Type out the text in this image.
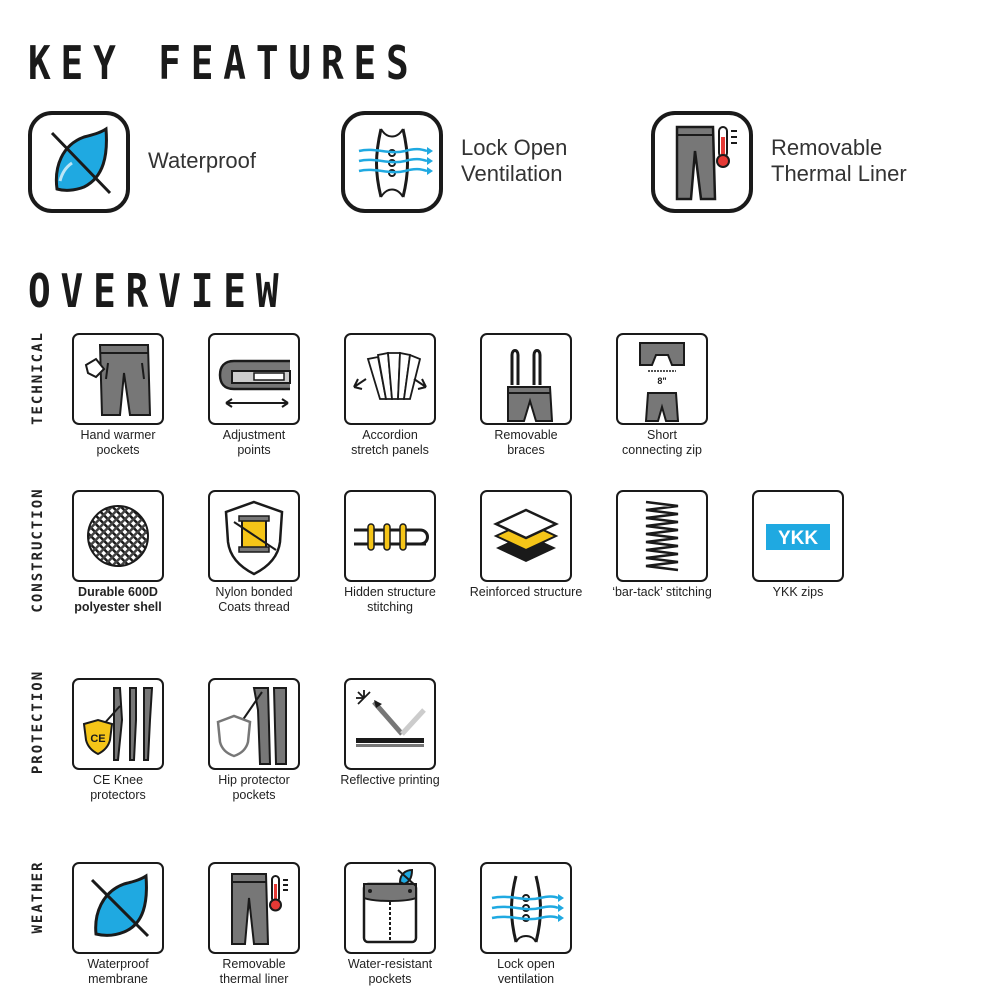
KEY FEATURES
Waterproof
Lock Open
Ventilation
Removable
Thermal Liner
OVERVIEW
TECHNICAL
Hand warmer
pockets
Adjustment
points
Accordion
stretch panels
Removable
braces
8"
Short
connecting zip
CONSTRUCTION	Durable 600D
polyester shell
Nylon bonded
Coats thread
Hidden structure
stitching
Reinforced structure	‘bar-tack’ stitching
YKK
YKK zips
PROTECTION	CE
CE Knee
protectors
Hip protector
pockets
Reflective printing
WEATHER
Waterproof
membrane
Removable
thermal liner
Water-resistant
pockets
Lock open
ventilation
